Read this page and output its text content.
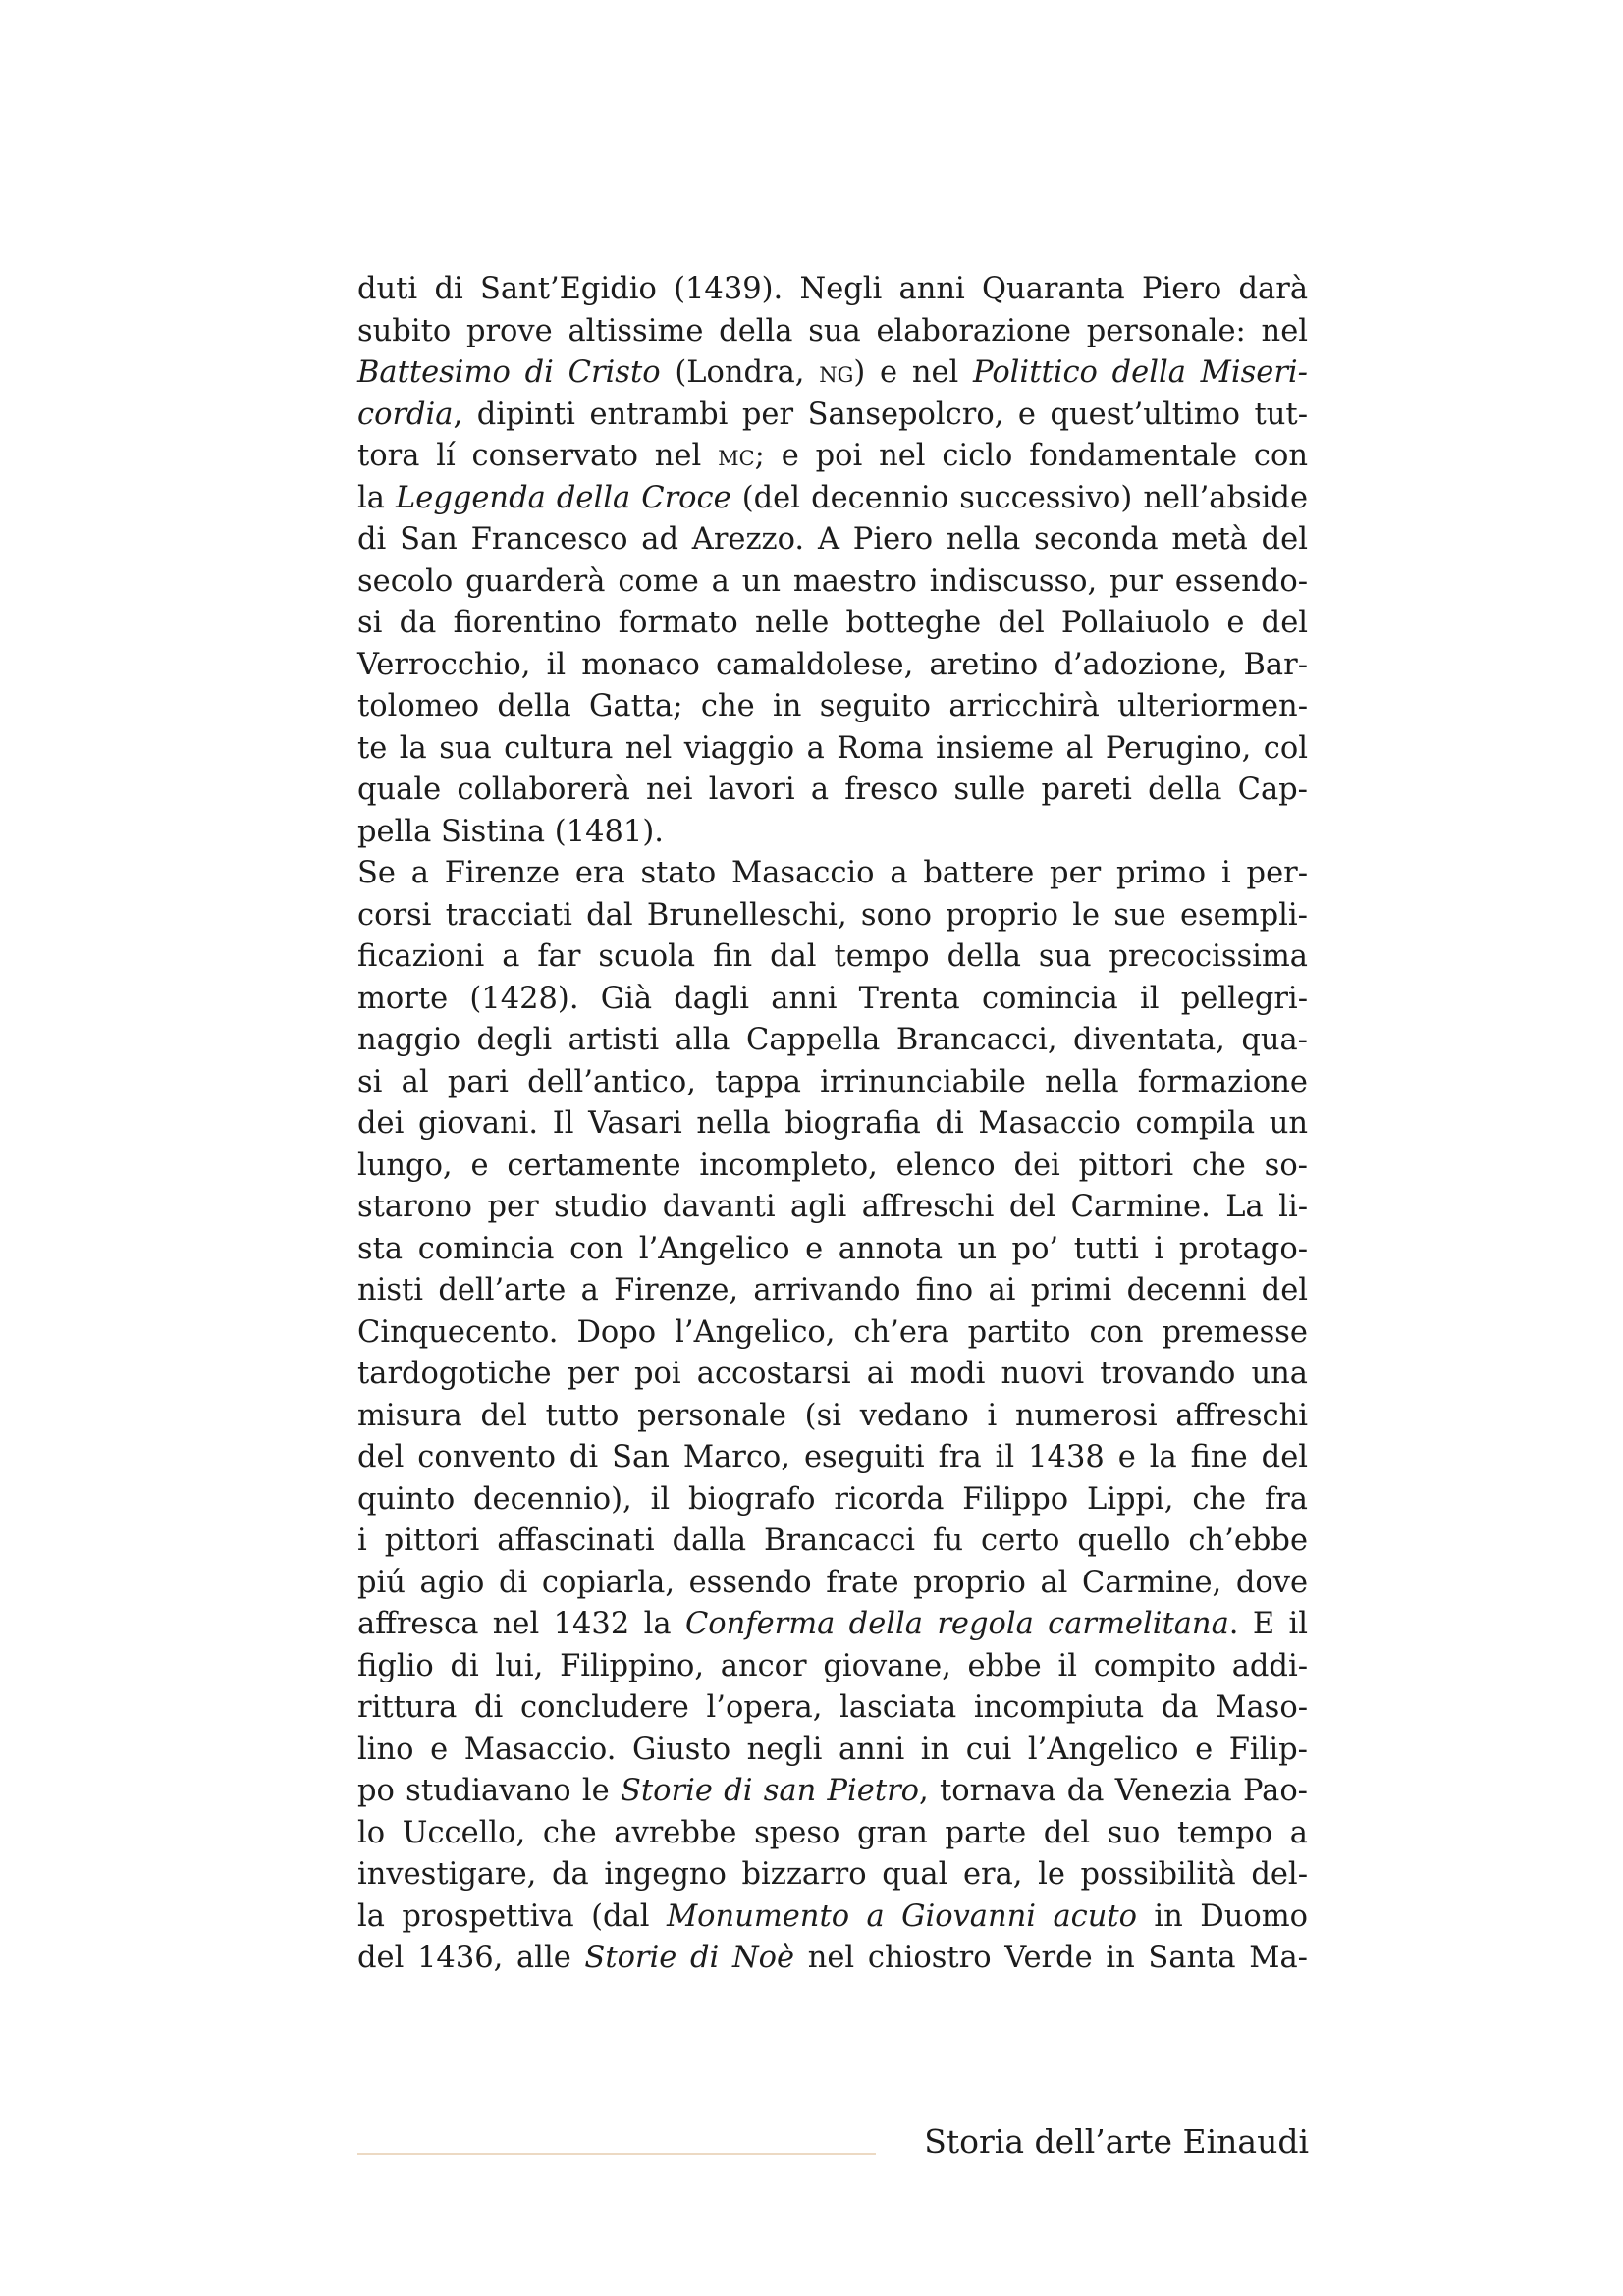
duti di Sant’Egidio (1439). Negli anni Quaranta Piero darà
subito prove altissime della sua elaborazione personale: nel
Battesimo di Cristo (Londra, ng) e nel Polittico della Miseri-
cordia, dipinti entrambi per Sansepolcro, e quest’ultimo tut-
tora lí conservato nel mc; e poi nel ciclo fondamentale con
la Leggenda della Croce (del decennio successivo) nell’abside
di San Francesco ad Arezzo. A Piero nella seconda metà del
secolo guarderà come a un maestro indiscusso, pur essendo-
si da fiorentino formato nelle botteghe del Pollaiuolo e del
Verrocchio, il monaco camaldolese, aretino d’adozione, Bar-
tolomeo della Gatta; che in seguito arricchirà ulteriormen-
te la sua cultura nel viaggio a Roma insieme al Perugino, col
quale collaborerà nei lavori a fresco sulle pareti della Cap-
pella Sistina (1481).
Se a Firenze era stato Masaccio a battere per primo i per-
corsi tracciati dal Brunelleschi, sono proprio le sue esempli-
ficazioni a far scuola fin dal tempo della sua precocissima
morte (1428). Già dagli anni Trenta comincia il pellegri-
naggio degli artisti alla Cappella Brancacci, diventata, qua-
si al pari dell’antico, tappa irrinunciabile nella formazione
dei giovani. Il Vasari nella biografia di Masaccio compila un
lungo, e certamente incompleto, elenco dei pittori che so-
starono per studio davanti agli affreschi del Carmine. La li-
sta comincia con l’Angelico e annota un po’ tutti i protago-
nisti dell’arte a Firenze, arrivando fino ai primi decenni del
Cinquecento. Dopo l’Angelico, ch’era partito con premesse
tardogotiche per poi accostarsi ai modi nuovi trovando una
misura del tutto personale (si vedano i numerosi affreschi
del convento di San Marco, eseguiti fra il 1438 e la fine del
quinto decennio), il biografo ricorda Filippo Lippi, che fra
i pittori affascinati dalla Brancacci fu certo quello ch’ebbe
piú agio di copiarla, essendo frate proprio al Carmine, dove
affresca nel 1432 la Conferma della regola carmelitana. E il
figlio di lui, Filippino, ancor giovane, ebbe il compito addi-
rittura di concludere l’opera, lasciata incompiuta da Maso-
lino e Masaccio. Giusto negli anni in cui l’Angelico e Filip-
po studiavano le Storie di san Pietro, tornava da Venezia Pao-
lo Uccello, che avrebbe speso gran parte del suo tempo a
investigare, da ingegno bizzarro qual era, le possibilità del-
la prospettiva (dal Monumento a Giovanni acuto in Duomo
del 1436, alle Storie di Noè nel chiostro Verde in Santa Ma-
Storia dell’arte Einaudi
